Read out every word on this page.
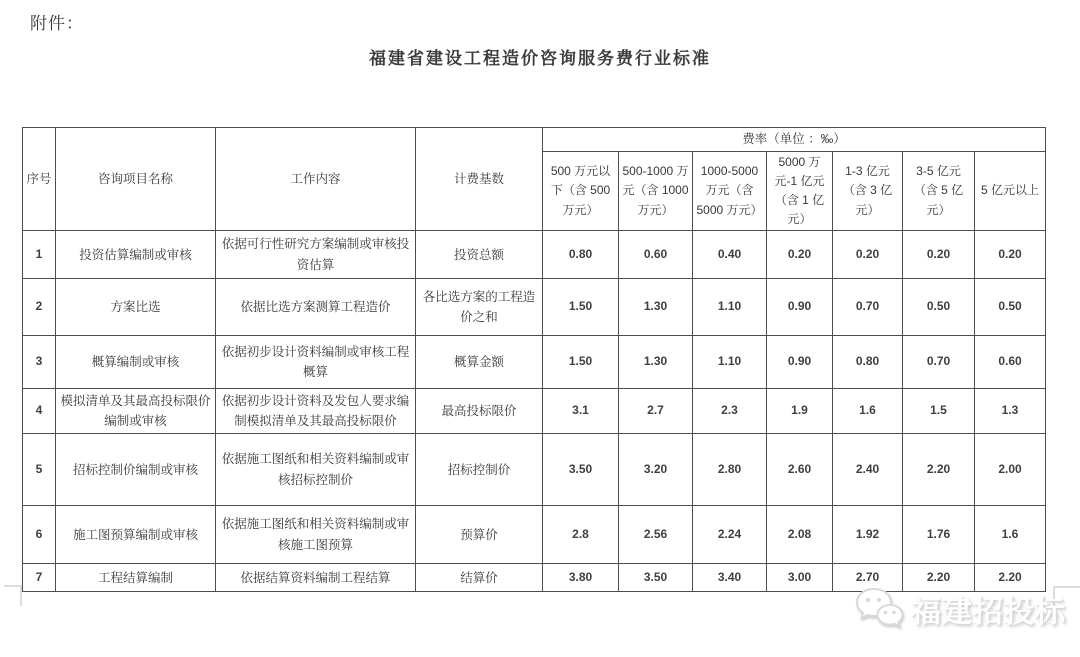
附件：
福建省建设工程造价咨询服务费行业标准
序号	咨询项目名称	工作内容	计费基数	费率（单位 ：‰）						
				500 万元以下（含 500 万元）	500-1000 万元（含 1000 万元）	1000-5000 万元（含 5000 万元）	5000 万元-1 亿元（含 1 亿元）	1-3 亿元（含 3 亿元）	3-5 亿元（含 5 亿元）	5 亿元以上
1	投资估算编制或审核	依据可行性研究方案编制或审核投资估算	投资总额	0.80	0.60	0.40	0.20	0.20	0.20	0.20
2	方案比选	依据比选方案测算工程造价	各比选方案的工程造价之和	1.50	1.30	1.10	0.90	0.70	0.50	0.50
3	概算编制或审核	依据初步设计资料编制或审核工程概算	概算金额	1.50	1.30	1.10	0.90	0.80	0.70	0.60
4	模拟清单及其最高投标限价编制或审核	依据初步设计资料及发包人要求编制模拟清单及其最高投标限价	最高投标限价	3.1	2.7	2.3	1.9	1.6	1.5	1.3
5	招标控制价编制或审核	依据施工图纸和相关资料编制或审核招标控制价	招标控制价	3.50	3.20	2.80	2.60	2.40	2.20	2.00
6	施工图预算编制或审核	依据施工图纸和相关资料编制或审核施工图预算	预算价	2.8	2.56	2.24	2.08	1.92	1.76	1.6
7	工程结算编制	依据结算资料编制工程结算	结算价	3.80	3.50	3.40	3.00	2.70	2.20	2.20
福建招投标
